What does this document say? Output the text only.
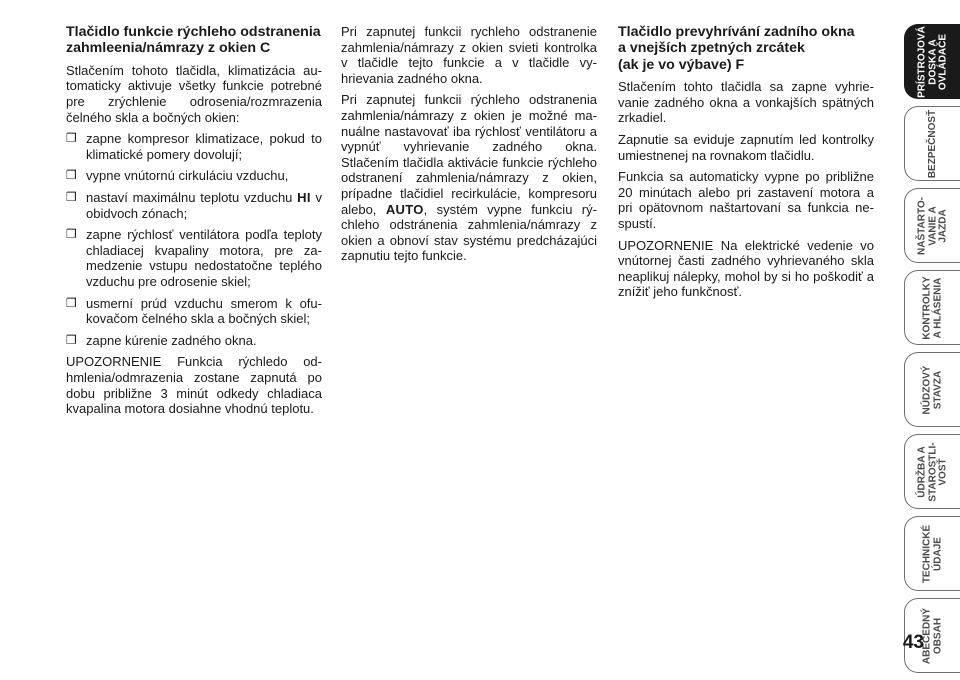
Tlačidlo funkcie rýchleho odstranenia zahmleenia/námrazy z okien C

Stlačením tohoto tlačidla, klimatizácia automaticky aktivuje všetky funkcie potrebné pre zrýchlenie odrosenia/rozmrazenia čelného skla a bočných okien:

❒ zapne kompresor klimatizace, pokud to klimatické pomery dovolují;
❒ vypne vnútornú cirkuláciu vzduchu,
❒ nastaví maximálnu teplotu vzduchu HI v obidvoch zónach;
❒ zapne rýchlosť ventilátora podľa teploty chladiacej kvapaliny motora, pre zamedzenie vstupu nedostatočne teplého vzduchu pre odrosenie skiel;
❒ usmerní prúd vzduchu smerom k ofukovačom čelného skla a bočných skiel;
❒ zapne kúrenie zadného okna.

UPOZORNENIE Funkcia rýchledo odhmlenia/odmrazenia zostane zapnutá po dobu približne 3 minút odkedy chladiaca kvapalina motora dosiahne vhodnú teplotu.

Pri zapnutej funkcii rychleho odstranenie zahmlenia/námrazy z okien svieti kontrolka v tlačidle tejto funkcie a v tlačidle vyhrievania zadného okna.

Pri zapnutej funkcii rýchleho odstranenia zahmlenia/námrazy z okien je možné manuálne nastavovať iba rýchlosť ventilátoru a vypnúť vyhrievanie zadného okna. Stlačením tlačidla aktivácie funkcie rýchleho odstranení zahmlenia/námrazy z okien, prípadne tlačidiel recirkulácie, kompresoru alebo, AUTO, systém vypne funkciu rýchleho odstránenia zahmlenia/námrazy z okien a obnoví stav systému predcházajúci zapnutiu tejto funkcie.

Tlačidlo prevyhrívání zadního okna
a vnejších zpetných zrcátek
(ak je vo výbave) F

Stlačením tohto tlačidla sa zapne vyhrievanie zadného okna a vonkajších spätných zrkadiel.

Zapnutie sa eviduje zapnutím led kontrolky umiestnenej na rovnakom tlačidlu.

Funkcia sa automaticky vypne po približne 20 minútach alebo pri zastavení motora a pri opätovnom naštartovaní sa funkcia nespustí.

UPOZORNENIE Na elektrické vedenie vo vnútornej časti zadného vyhrievaného skla neaplikuj nálepky, mohol by si ho poškodiť a znížiť jeho funkčnosť.

PRÍSTROJOVÁ
DOSKA A
OVLÁDAČE
BEZPEČNOSŤ
NAŠTARTO-
VANIE A
JAZDA
KONTROLKY
A HLÁSENIA
NÚDZOVÝ
STAVZA
ÚDRŽBA A
STAROSTLI-
VOSŤ
TECHNICKÉ
ÚDAJE
ABECEDNÝ
OBSAH
43
